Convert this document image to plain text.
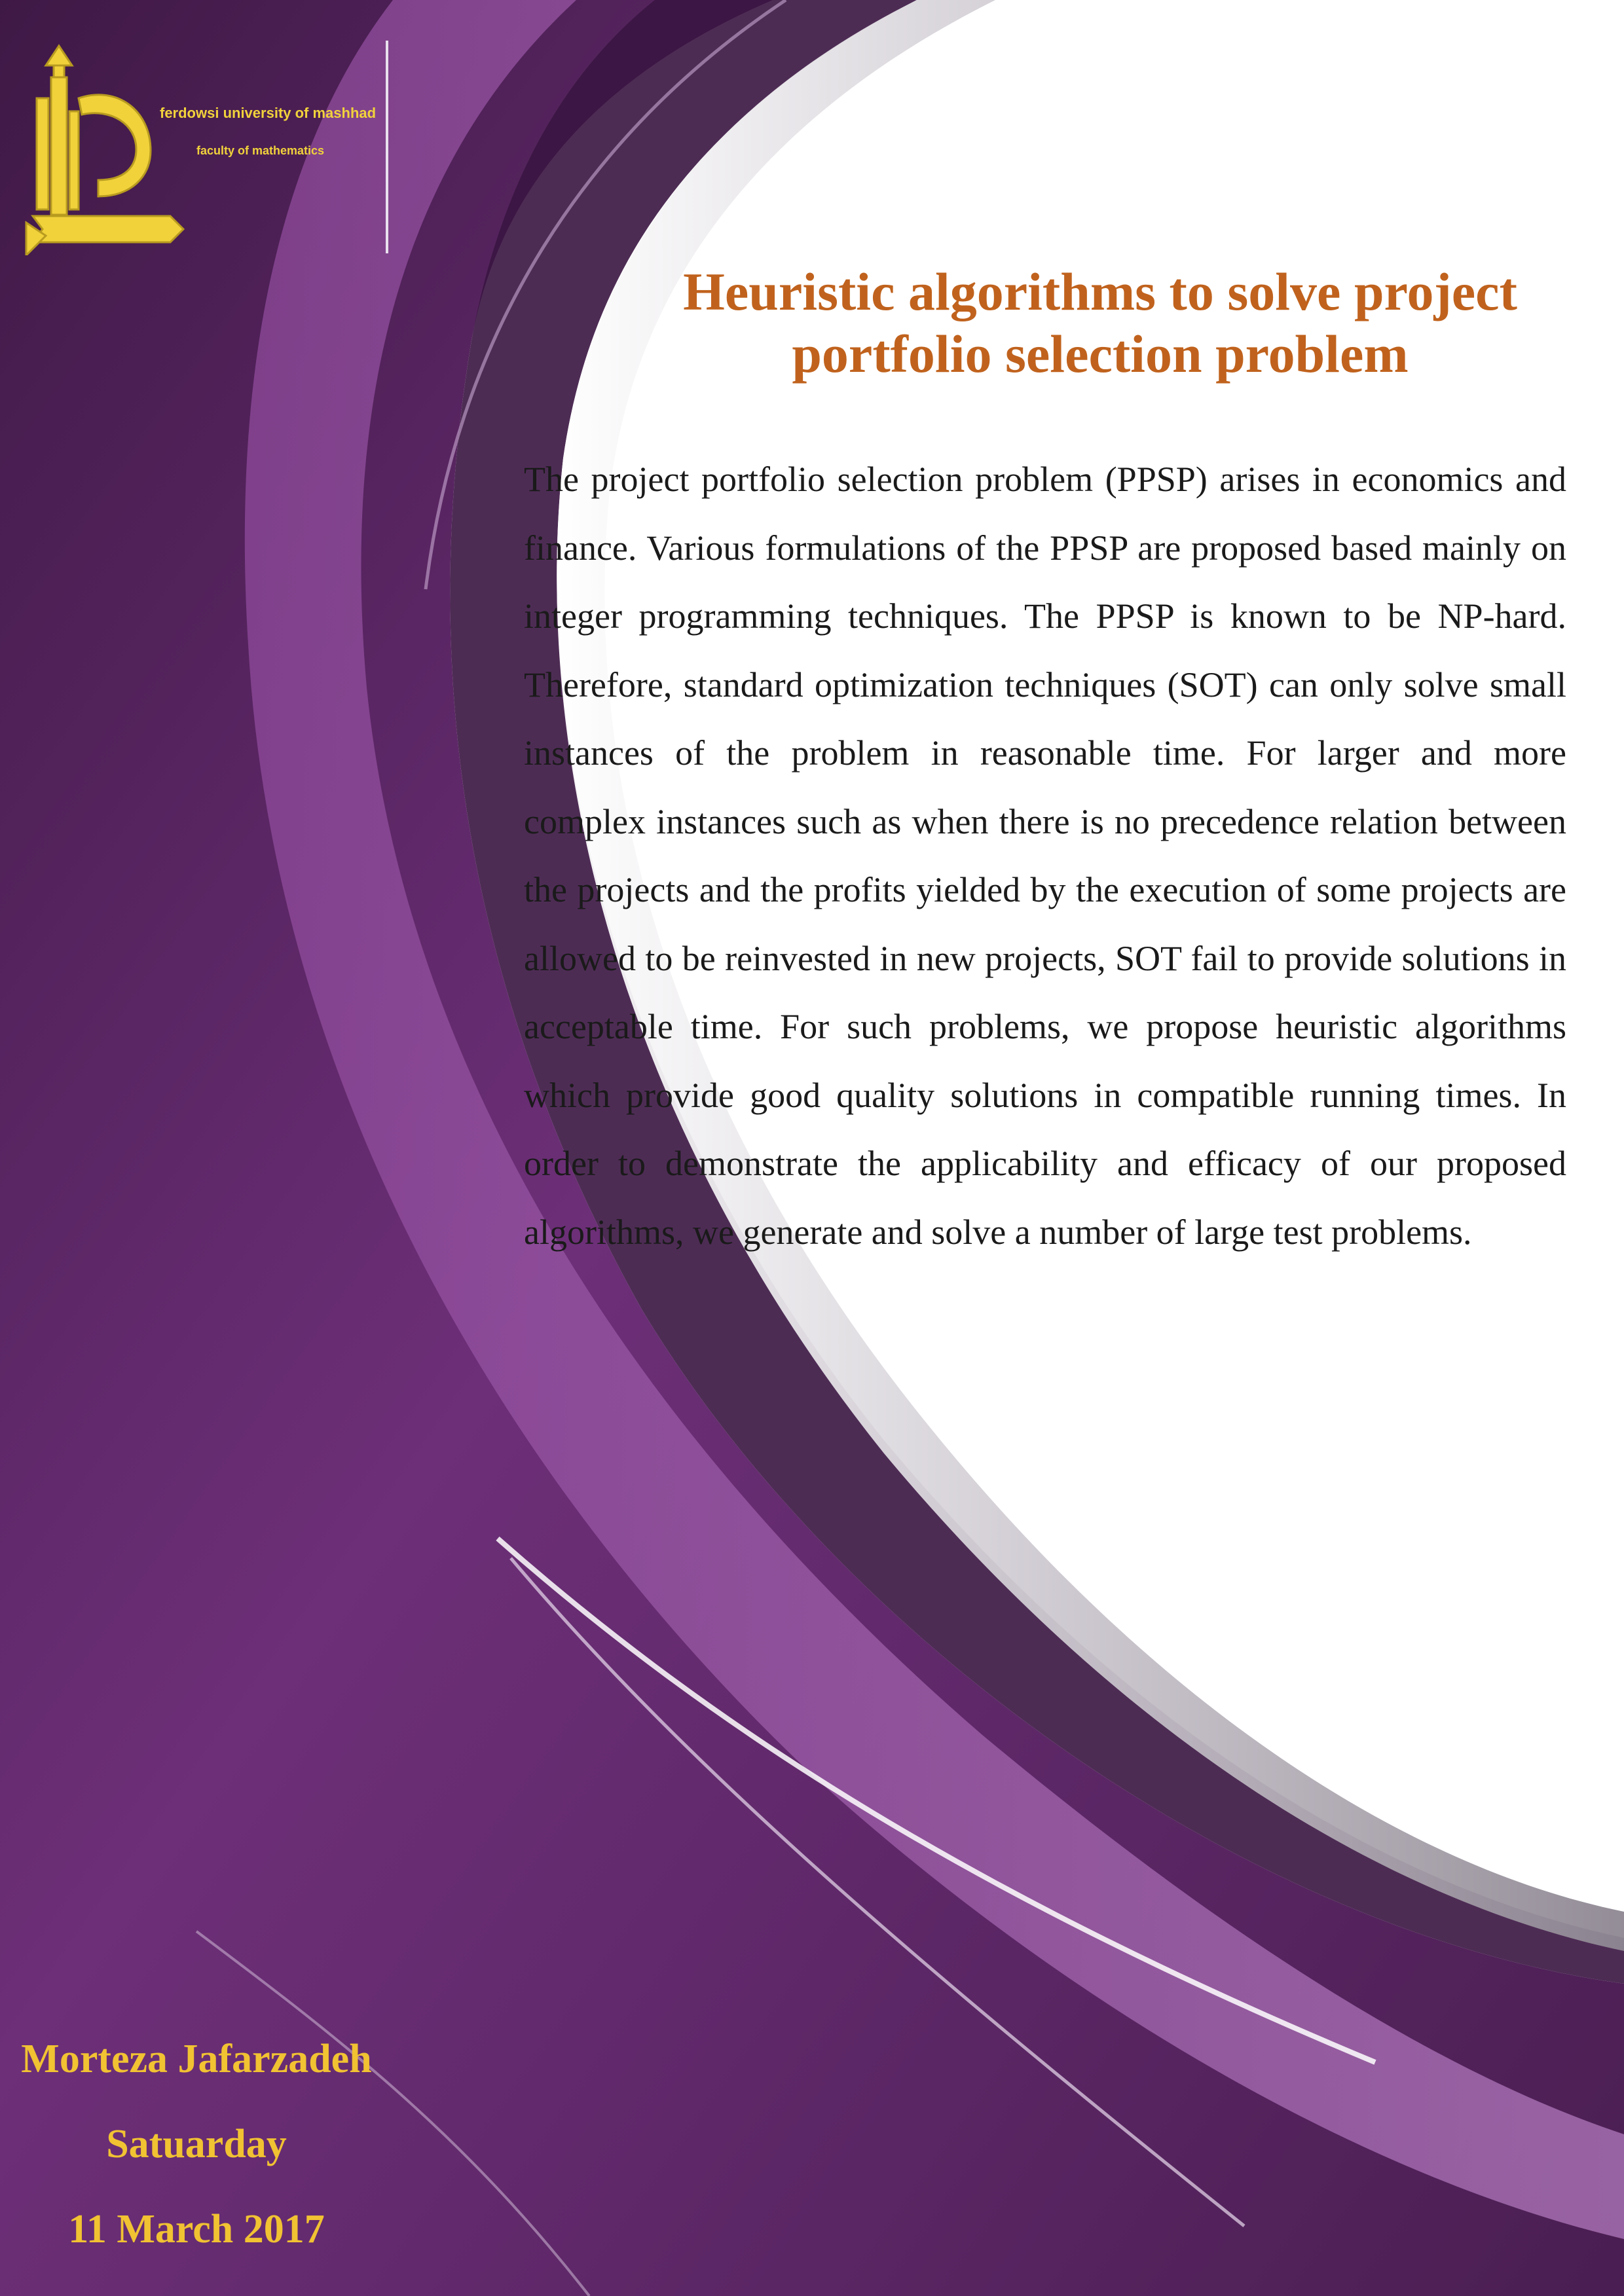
ferdowsi university of mashhad
faculty of mathematics
Heuristic algorithms to solve project portfolio selection problem

The project portfolio selection problem (PPSP) arises in economics and finance. Various formulations of the PPSP are proposed based mainly on integer programming techniques. The PPSP is known to be NP-hard. Therefore, standard optimization techniques (SOT) can only solve small instances of the problem in reasonable time. For larger and more complex instances such as when there is no precedence relation between the projects and the profits yielded by the execution of some projects are allowed to be reinvested in new projects, SOT fail to provide solutions in acceptable time. For such problems, we propose heuristic algorithms which provide good quality solutions in compatible running times. In order to demonstrate the applicability and efficacy of our proposed algorithms, we generate and solve a number of large test problems.

Morteza Jafarzadeh
Satuarday
11 March 2017
